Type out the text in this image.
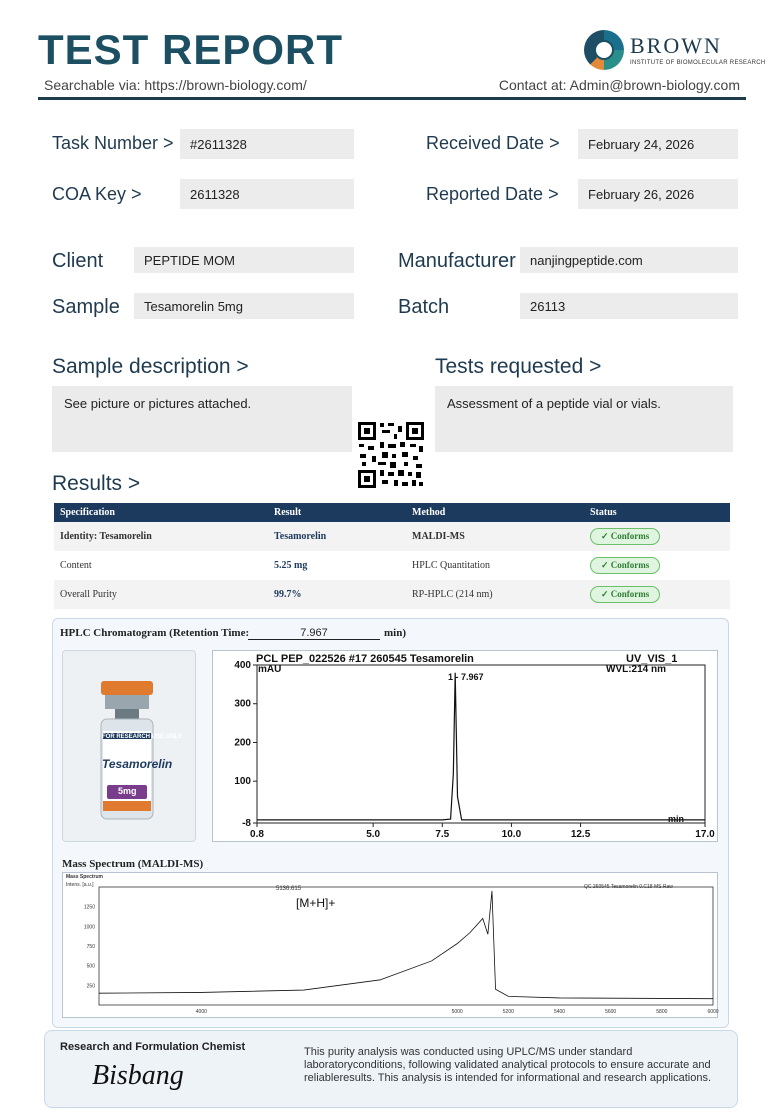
TEST REPORT
Searchable via: https://brown-biology.com/	Contact at: Admin@brown-biology.com
BROWN
INSTITUTE OF BIOMOLECULAR RESEARCH
Task Number >	#2611328	Received Date >	February 24, 2026
COA Key >	2611328	Reported Date >	February 26, 2026
Client	PEPTIDE MOM	Manufacturer	nanjingpeptide.com
Sample	Tesamorelin 5mg	Batch	26113
Sample description >
See picture or pictures attached.
Tests requested >
Assessment of a peptide vial or vials.
Results >
Specification	Result	Method	Status
Identity: Tesamorelin	Tesamorelin	MALDI-MS	✓ Conforms
Content	5.25 mg	HPLC Quantitation	✓ Conforms
Overall Purity	99.7%	RP-HPLC (214 nm)	✓ Conforms
HPLC Chromatogram (Retention Time:	7.967	min)
FOR RESEARCH USE ONLY
Tesamorelin
5mg
-8
100
200
300
400
0.8	5.0	7.5	10.0	12.5	17.0
PCL PEP_022526 #17 260545 Tesamorelin	UV_VIS_1
WVL:214 nm
mAU
1 - 7.967
min
Mass Spectrum (MALDI-MS)
250
500
750
1000
1250
4000	5000	5200	5400	5600	5800	6000
Mass Spectrum
Intens. [a.u.]	QC 260545 Tesamorelin 0.C18 MS Raw
5136.615
[M+H]+
Research and Formulation Chemist
Bisbang
This purity analysis was conducted using UPLC/MS under standard laboratoryconditions, following validated analytical protocols to ensure accurate and reliableresults. This analysis is intended for informational and research applications.
